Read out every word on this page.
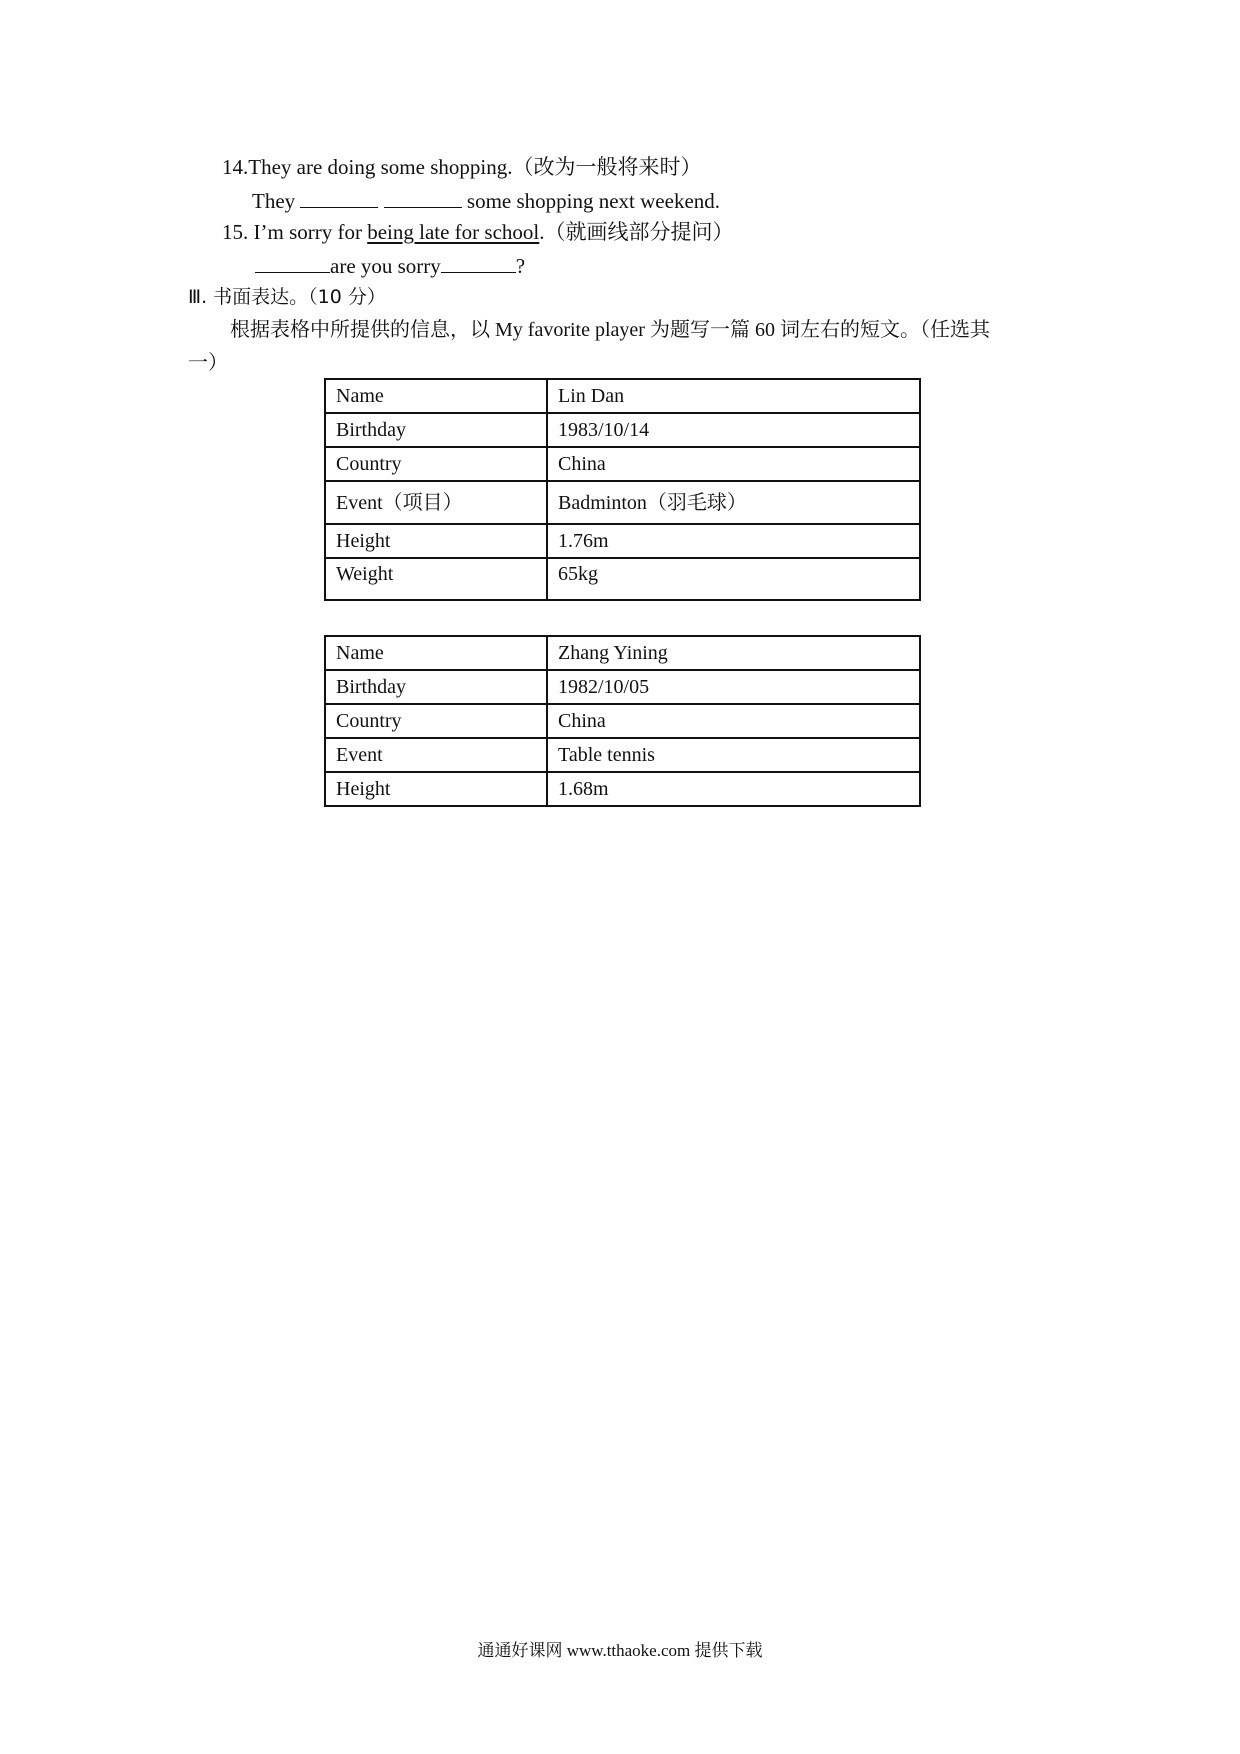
14.They are doing some shopping.（改为一般将来时）
They	some shopping next weekend.
15. I’m sorry for being late for school.（就画线部分提问）
are you sorry	?
Ⅲ. 书面表达。（10 分）
根据表格中所提供的信息，以 My favorite player 为题写一篇 60 词左右的短文。（任选其
一）
Name	Lin Dan
Birthday	1983/10/14
Country	China
Event（项目）	Badminton（羽毛球）
Height	1.76m
Weight	65kg
Name	Zhang Yining
Birthday	1982/10/05
Country	China
Event	Table tennis
Height	1.68m
通通好课网 www.tthaoke.com 提供下载
